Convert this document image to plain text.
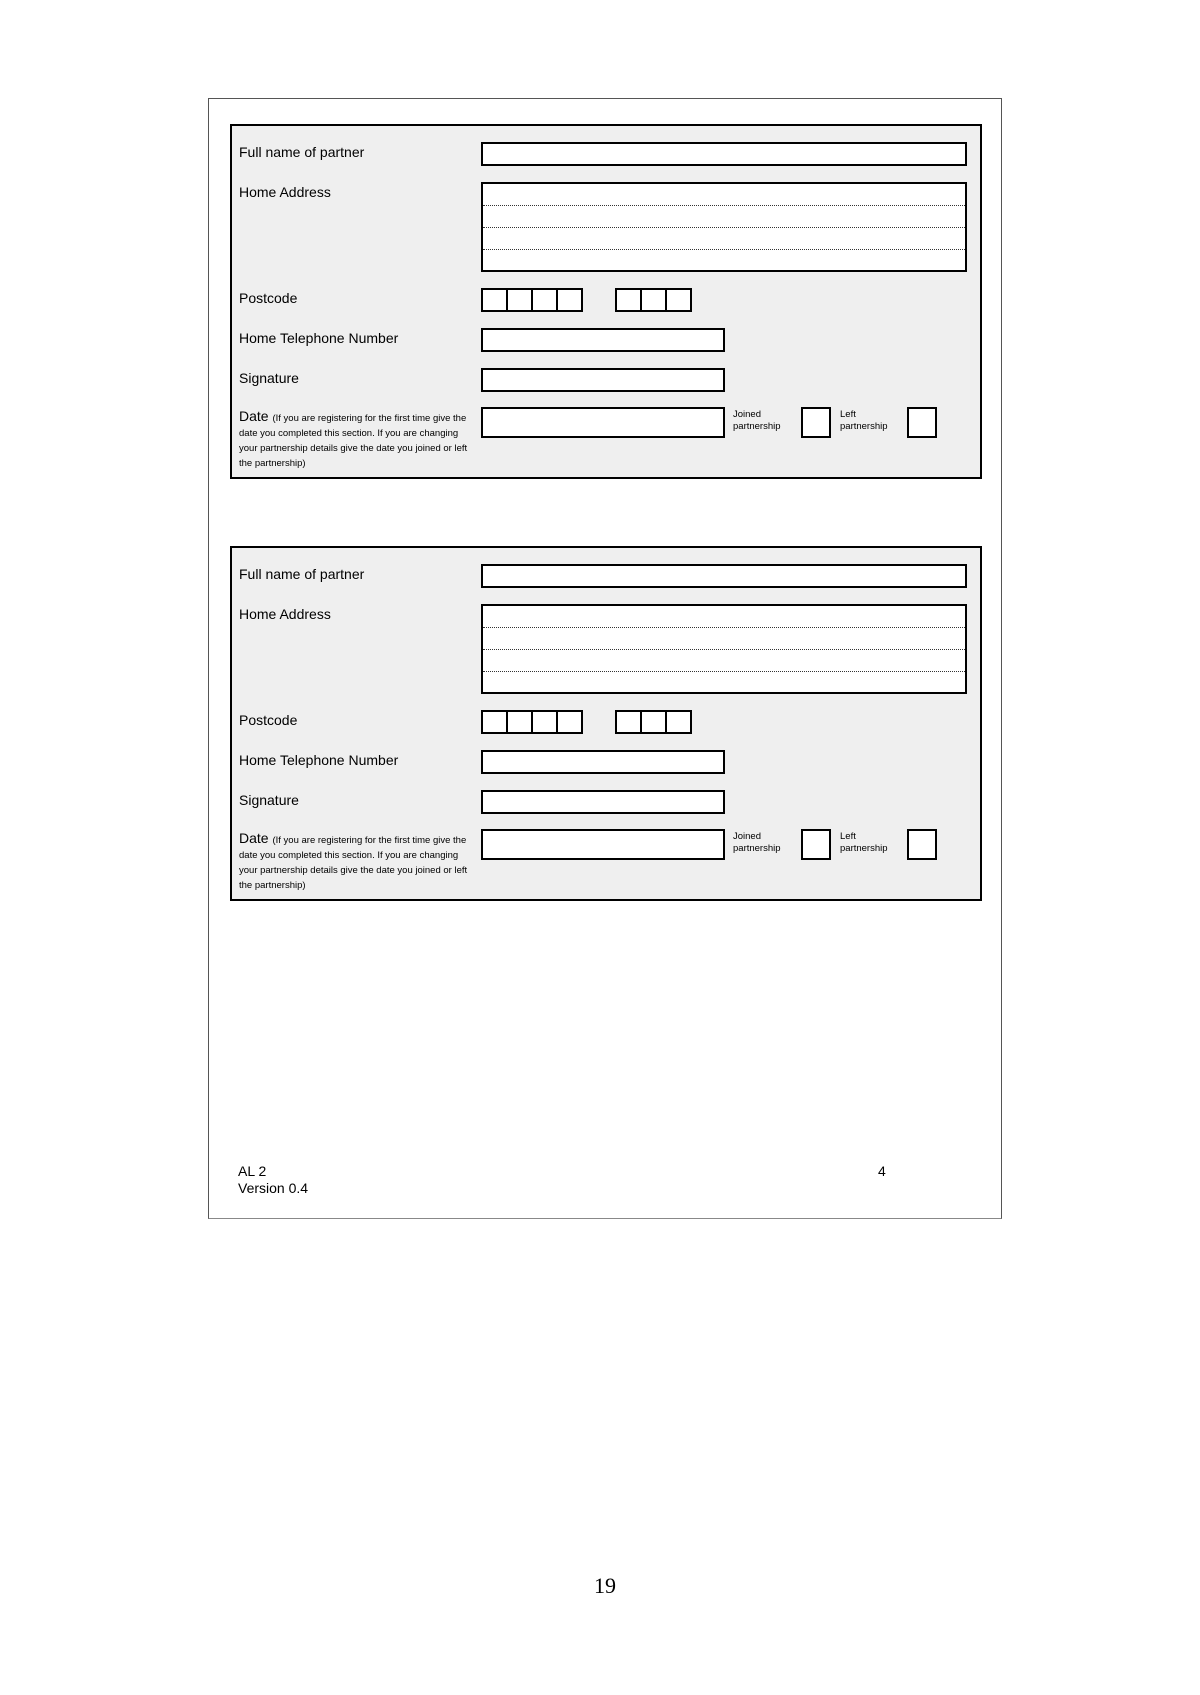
Full name of partner
Home Address
Postcode
Home Telephone Number
Signature
Date (If you are registering for the first time give the date you completed this section. If you are changing your partnership details give the date you joined or left the partnership)
Joined partnership
Left partnership
Full name of partner
Home Address
Postcode
Home Telephone Number
Signature
Date (If you are registering for the first time give the date you completed this section. If you are changing your partnership details give the date you joined or left the partnership)
Joined partnership
Left partnership
AL 2
Version 0.4
4
19
